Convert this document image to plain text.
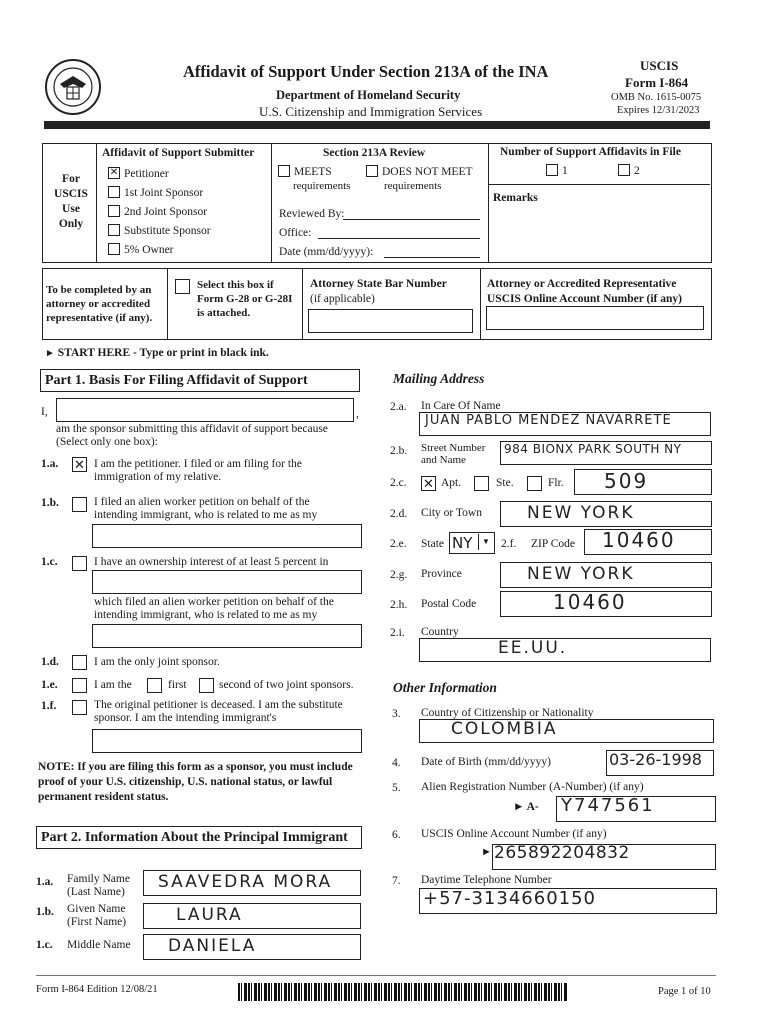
Affidavit of Support Under Section 213A of the INA
Department of Homeland Security
U.S. Citizenship and Immigration Services
USCIS
Form I-864
OMB No. 1615-0075
Expires 12/31/2023
For
USCIS
Use
Only
Affidavit of Support Submitter
✕ Petitioner
1st Joint Sponsor
2nd Joint Sponsor
Substitute Sponsor
5% Owner
Section 213A Review
MEETS
requirements
DOES NOT MEET
requirements
Reviewed By:
Office:
Date (mm/dd/yyyy):
Number of Support Affidavits in File
1	2
Remarks
To be completed by an attorney or accredited representative (if any).
Select this box if Form G-28 or G-28I is attached.
Attorney State Bar Number
(if applicable)
Attorney or Accredited Representative USCIS Online Account Number (if any)
► START HERE - Type or print in black ink.
Part 1. Basis For Filing Affidavit of Support
I,	,
am the sponsor submitting this affidavit of support because (Select only one box):
1.a. ✕ I am the petitioner. I filed or am filing for the immigration of my relative.
1.b.	I filed an alien worker petition on behalf of the intending immigrant, who is related to me as my
1.c.	I have an ownership interest of at least 5 percent in
which filed an alien worker petition on behalf of the intending immigrant, who is related to me as my
1.d.	I am the only joint sponsor.
1.e.	I am the	first	second of two joint sponsors.
1.f.	The original petitioner is deceased. I am the substitute sponsor. I am the intending immigrant's
NOTE: If you are filing this form as a sponsor, you must include proof of your U.S. citizenship, U.S. national status, or lawful permanent resident status.
Part 2. Information About the Principal Immigrant
1.a. Family Name (Last Name)	SAAVEDRA MORA
1.b. Given Name (First Name)	LAURA
1.c. Middle Name DANIELA
Mailing Address
2.a. In Care Of Name
JUAN PABLO MENDEZ NAVARRETE
2.b. Street Number and Name
984 BIONX PARK SOUTH NY
2.c. ✕ Apt.	Ste.	Flr. 509
2.d. City or Town	NEW YORK
2.e. State NY	▼ 2.f. ZIP Code 10460
2.g. Province	NEW YORK
2.h. Postal Code	10460
2.i. Country
EE.UU.
Other Information
3. Country of Citizenship or Nationality
COLOMBIA
4. Date of Birth (mm/dd/yyyy)	03-26-1998
5. Alien Registration Number (A-Number) (if any)
► A- Y747561
6. USCIS Online Account Number (if any)
► 265892204832
7. Daytime Telephone Number
+57-3134660150
Form I-864 Edition 12/08/21	Page 1 of 10
